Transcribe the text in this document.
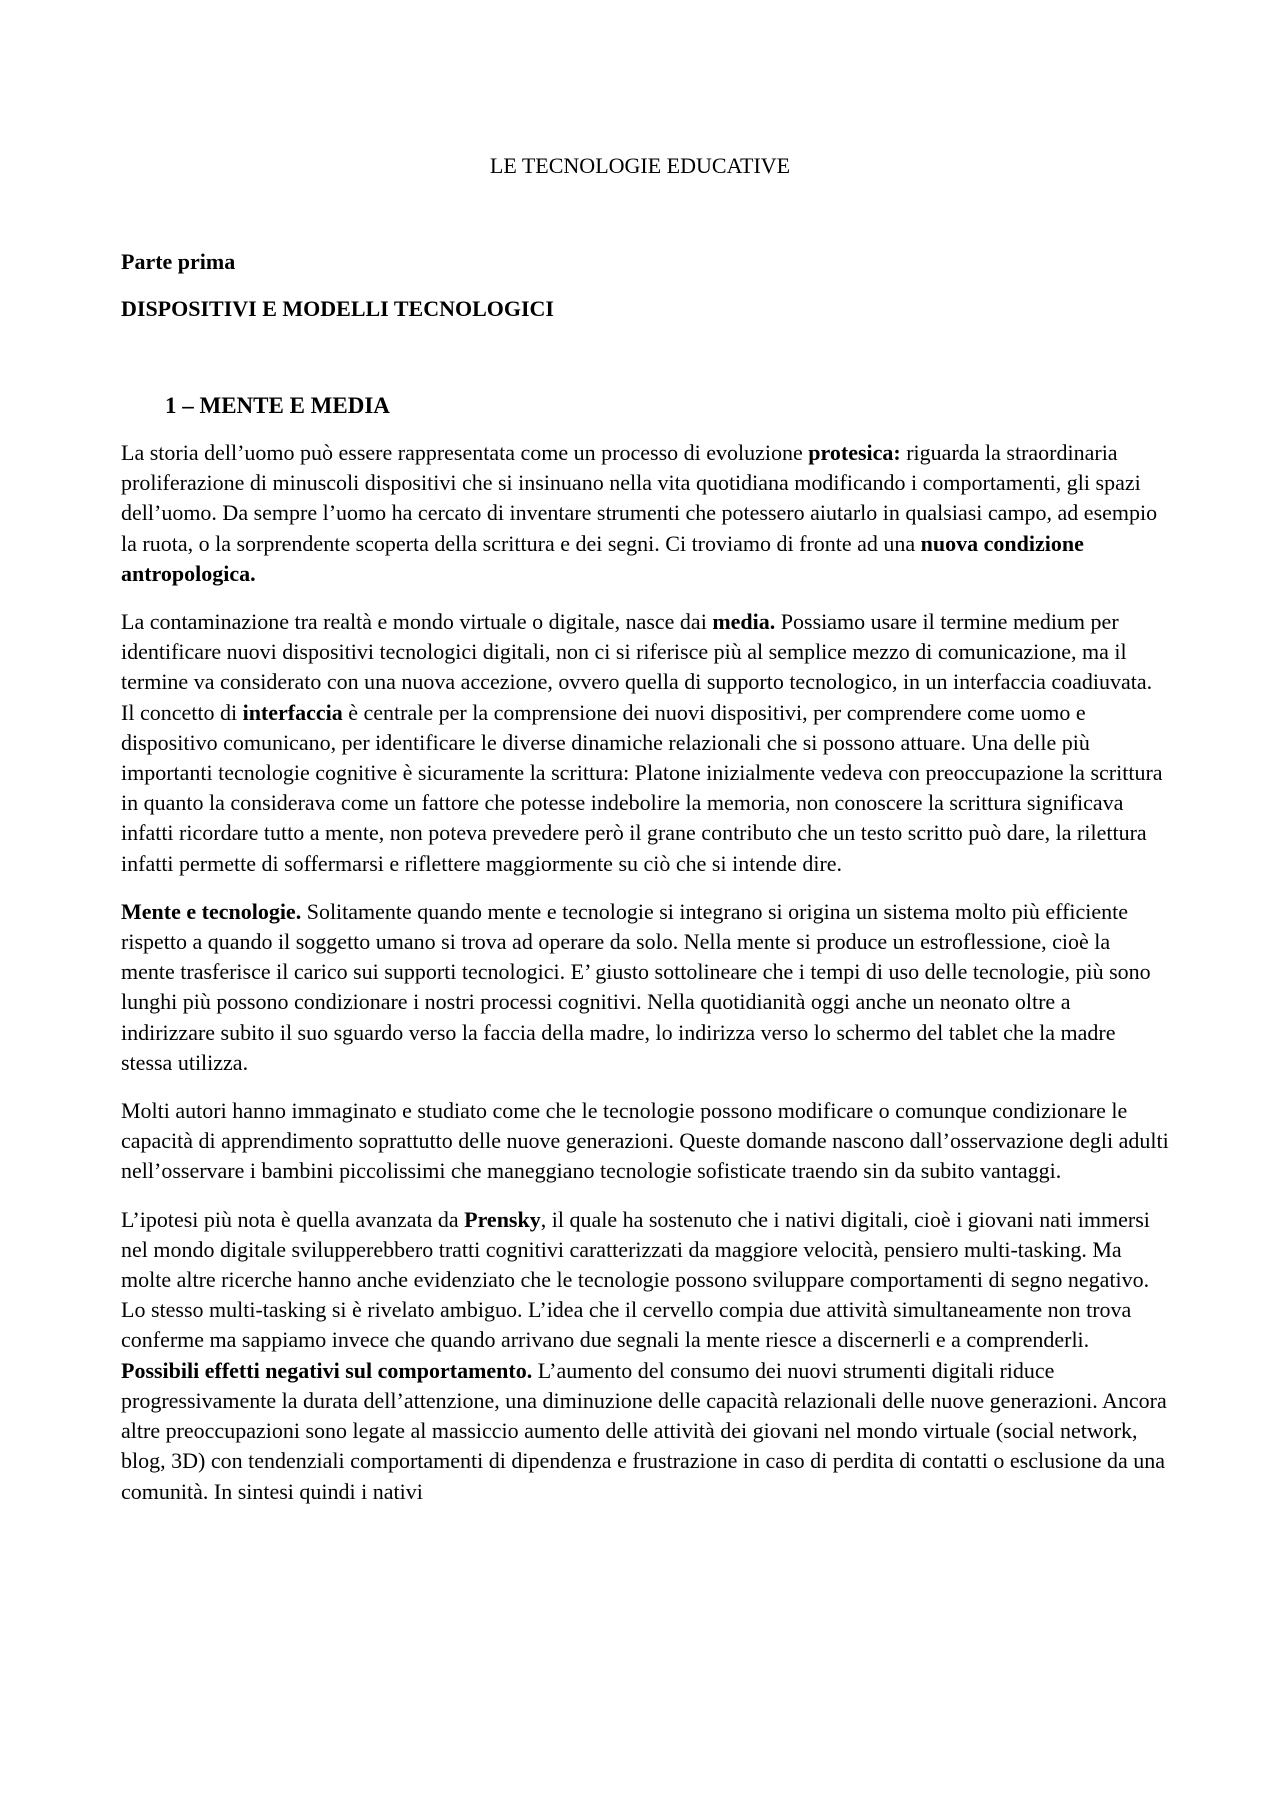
LE TECNOLOGIE EDUCATIVE
Parte prima
DISPOSITIVI E MODELLI TECNOLOGICI
1 – MENTE E MEDIA

La storia dell’uomo può essere rappresentata come un processo di evoluzione protesica: riguarda la straordinaria proliferazione di minuscoli dispositivi che si insinuano nella vita quotidiana modificando i comportamenti, gli spazi dell’uomo. Da sempre l’uomo ha cercato di inventare strumenti che potessero aiutarlo in qualsiasi campo, ad esempio la ruota, o la sorprendente scoperta della scrittura e dei segni. Ci troviamo di fronte ad una nuova condizione antropologica.

La contaminazione tra realtà e mondo virtuale o digitale, nasce dai media. Possiamo usare il termine medium per identificare nuovi dispositivi tecnologici digitali, non ci si riferisce più al semplice mezzo di comunicazione, ma il termine va considerato con una nuova accezione, ovvero quella di supporto tecnologico, in un interfaccia coadiuvata. Il concetto di interfaccia è centrale per la comprensione dei nuovi dispositivi, per comprendere come uomo e dispositivo comunicano, per identificare le diverse dinamiche relazionali che si possono attuare. Una delle più importanti tecnologie cognitive è sicuramente la scrittura: Platone inizialmente vedeva con preoccupazione la scrittura in quanto la considerava come un fattore che potesse indebolire la memoria, non conoscere la scrittura significava infatti ricordare tutto a mente, non poteva prevedere però il grane contributo che un testo scritto può dare, la rilettura infatti permette di soffermarsi e riflettere maggiormente su ciò che si intende dire.

Mente e tecnologie. Solitamente quando mente e tecnologie si integrano si origina un sistema molto più efficiente rispetto a quando il soggetto umano si trova ad operare da solo. Nella mente si produce un estroflessione, cioè la mente trasferisce il carico sui supporti tecnologici. E’ giusto sottolineare che i tempi di uso delle tecnologie, più sono lunghi più possono condizionare i nostri processi cognitivi. Nella quotidianità oggi anche un neonato oltre a indirizzare subito il suo sguardo verso la faccia della madre, lo indirizza verso lo schermo del tablet che la madre stessa utilizza.

Molti autori hanno immaginato e studiato come che le tecnologie possono modificare o comunque condizionare le capacità di apprendimento soprattutto delle nuove generazioni. Queste domande nascono dall’osservazione degli adulti nell’osservare i bambini piccolissimi che maneggiano tecnologie sofisticate traendo sin da subito vantaggi.

L’ipotesi più nota è quella avanzata da Prensky, il quale ha sostenuto che i nativi digitali, cioè i giovani nati immersi nel mondo digitale svilupperebbero tratti cognitivi caratterizzati da maggiore velocità, pensiero multi-tasking. Ma molte altre ricerche hanno anche evidenziato che le tecnologie possono sviluppare comportamenti di segno negativo. Lo stesso multi-tasking si è rivelato ambiguo. L’idea che il cervello compia due attività simultaneamente non trova conferme ma sappiamo invece che quando arrivano due segnali la mente riesce a discernerli e a comprenderli.

Possibili effetti negativi sul comportamento. L’aumento del consumo dei nuovi strumenti digitali riduce progressivamente la durata dell’attenzione, una diminuzione delle capacità relazionali delle nuove generazioni. Ancora altre preoccupazioni sono legate al massiccio aumento delle attività dei giovani nel mondo virtuale (social network, blog, 3D) con tendenziali comportamenti di dipendenza e frustrazione in caso di perdita di contatti o esclusione da una comunità. In sintesi quindi i nativi
